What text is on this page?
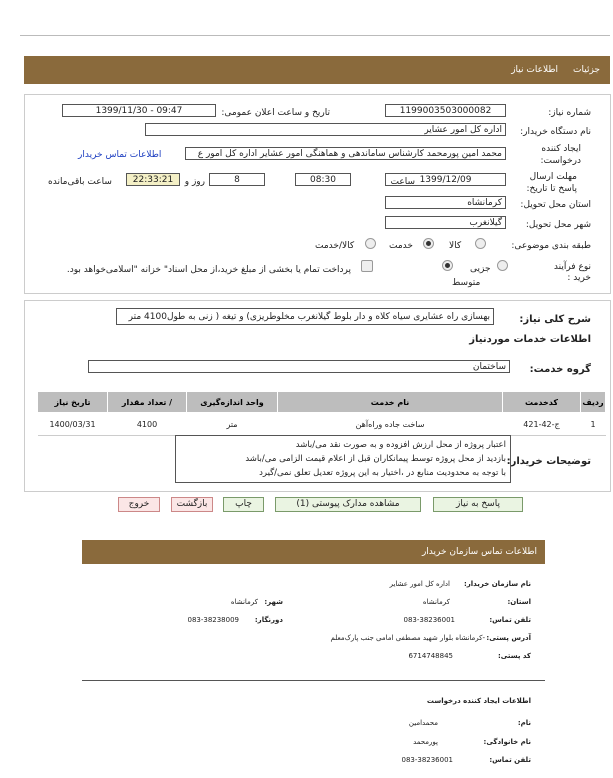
جزئیات
اطلاعات نیاز
شماره نیاز:
1199003503000082
تاریخ و ساعت اعلان عمومی:
1399/11/30 - 09:47
نام دستگاه خریدار:
اداره کل امور عشایر
ایجاد کننده درخواست:
محمد امین پورمحمد کارشناس ساماندهی و هماهنگی امور عشایر اداره کل امور ع
اطلاعات تماس خریدار
مهلت ارسال پاسخ تا تاریخ:
1399/12/09
ساعت
08:30
8
روز و
22:33:21
ساعت باقی‌مانده
استان محل تحویل:
کرمانشاه
شهر محل تحویل:
گیلانغرب
طبقه بندی موضوعی:
کالا
خدمت
کالا/خدمت
نوع فرآیند خرید :
جزیی
متوسط
پرداخت تمام یا بخشی از مبلغ خرید،از محل اسناد" خزانه "اسلامی‌خواهد بود.
شرح کلی نیاز:
بهسازی راه عشایری سیاه کلاه و دار بلوط گیلانغرب مخلوطریزی) و تیغه ( زنی به طول4100 متر
اطلاعات خدمات موردنیاز
گروه خدمت:
ساختمان
ردیف	کدخدمت	نام خدمت	واحد اندازه‌گیری	/ تعداد مقدار	تاریخ نیاز
1	ج-42-421	ساخت جاده وراه‌آهن	متر	4100	1400/03/31
توضیحات خریدار:
اعتبار پروژه از محل ارزش افزوده و به صورت نقد می/باشد
بازدید از محل پروژه توسط پیمانکاران قبل از اعلام قیمت الزامی می/باشد
با توجه به محدودیت منابع در ،اختیار به این پروژه تعدیل تعلق نمی/گیرد
پاسخ به نیاز
مشاهده مدارک پیوستی (1)
چاپ
بازگشت
خروج
اطلاعات تماس سازمان خریدار
نام سازمان خریدار:
اداره کل امور عشایر
استان:
کرمانشاه
شهر:
کرمانشاه
تلفن تماس:
083-38236001
دورنگار:
083-38238009
آدرس پستی:
-کرمانشاه بلوار شهید مصطفی امامی جنب پارک‌معلم
کد پستی:
6714748845
اطلاعات ایجاد کننده درخواست
نام:
محمدامین
نام خانوادگی:
پورمحمد
تلفن تماس:
083-38236001
